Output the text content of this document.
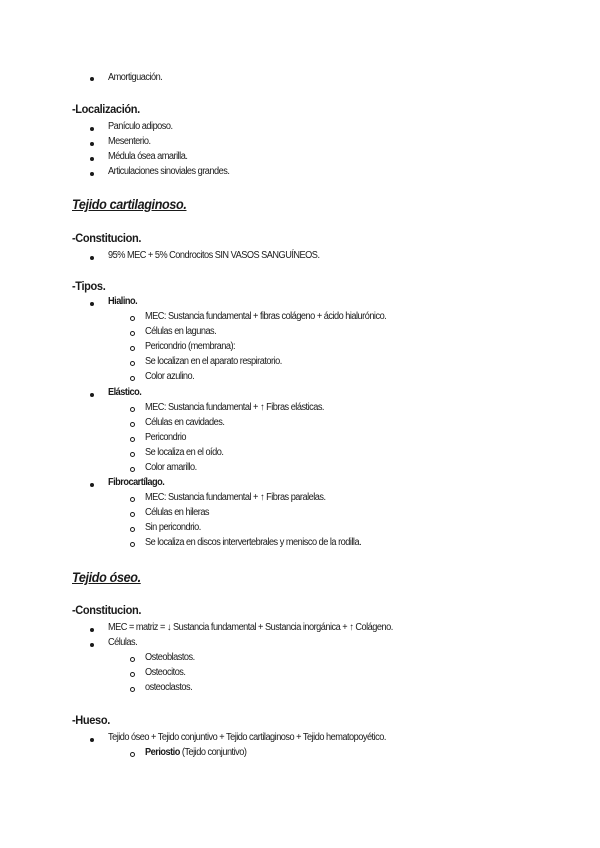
Amortiguación.
-Localización.
Panículo adiposo.
Mesenterio.
Médula ósea amarilla.
Articulaciones sinoviales grandes.
Tejido cartilaginoso.
-Constitucion.
95% MEC + 5% Condrocitos SIN VASOS SANGUÍNEOS.
-Tipos.
Hialino.
MEC: Sustancia fundamental + fibras colágeno + ácido hialurónico.
Células en lagunas.
Pericondrio (membrana):
Se localizan en el aparato respiratorio.
Color azulino.
Elástico.
MEC: Sustancia fundamental + ↑ Fibras elásticas.
Células en cavidades.
Pericondrio
Se localiza en el oído.
Color amarillo.
Fibrocartílago.
MEC: Sustancia fundamental + ↑ Fibras paralelas.
Células en hileras
Sin pericondrio.
Se localiza en discos intervertebrales y menisco de la rodilla.
Tejido óseo.
-Constitucion.
MEC = matriz = ↓ Sustancia fundamental + Sustancia inorgánica + ↑ Colágeno.
Células.
Osteoblastos.
Osteocitos.
osteoclastos.
-Hueso.
Tejido óseo + Tejido conjuntivo + Tejido cartilaginoso + Tejido hematopoyético.
Periostio (Tejido conjuntivo)
